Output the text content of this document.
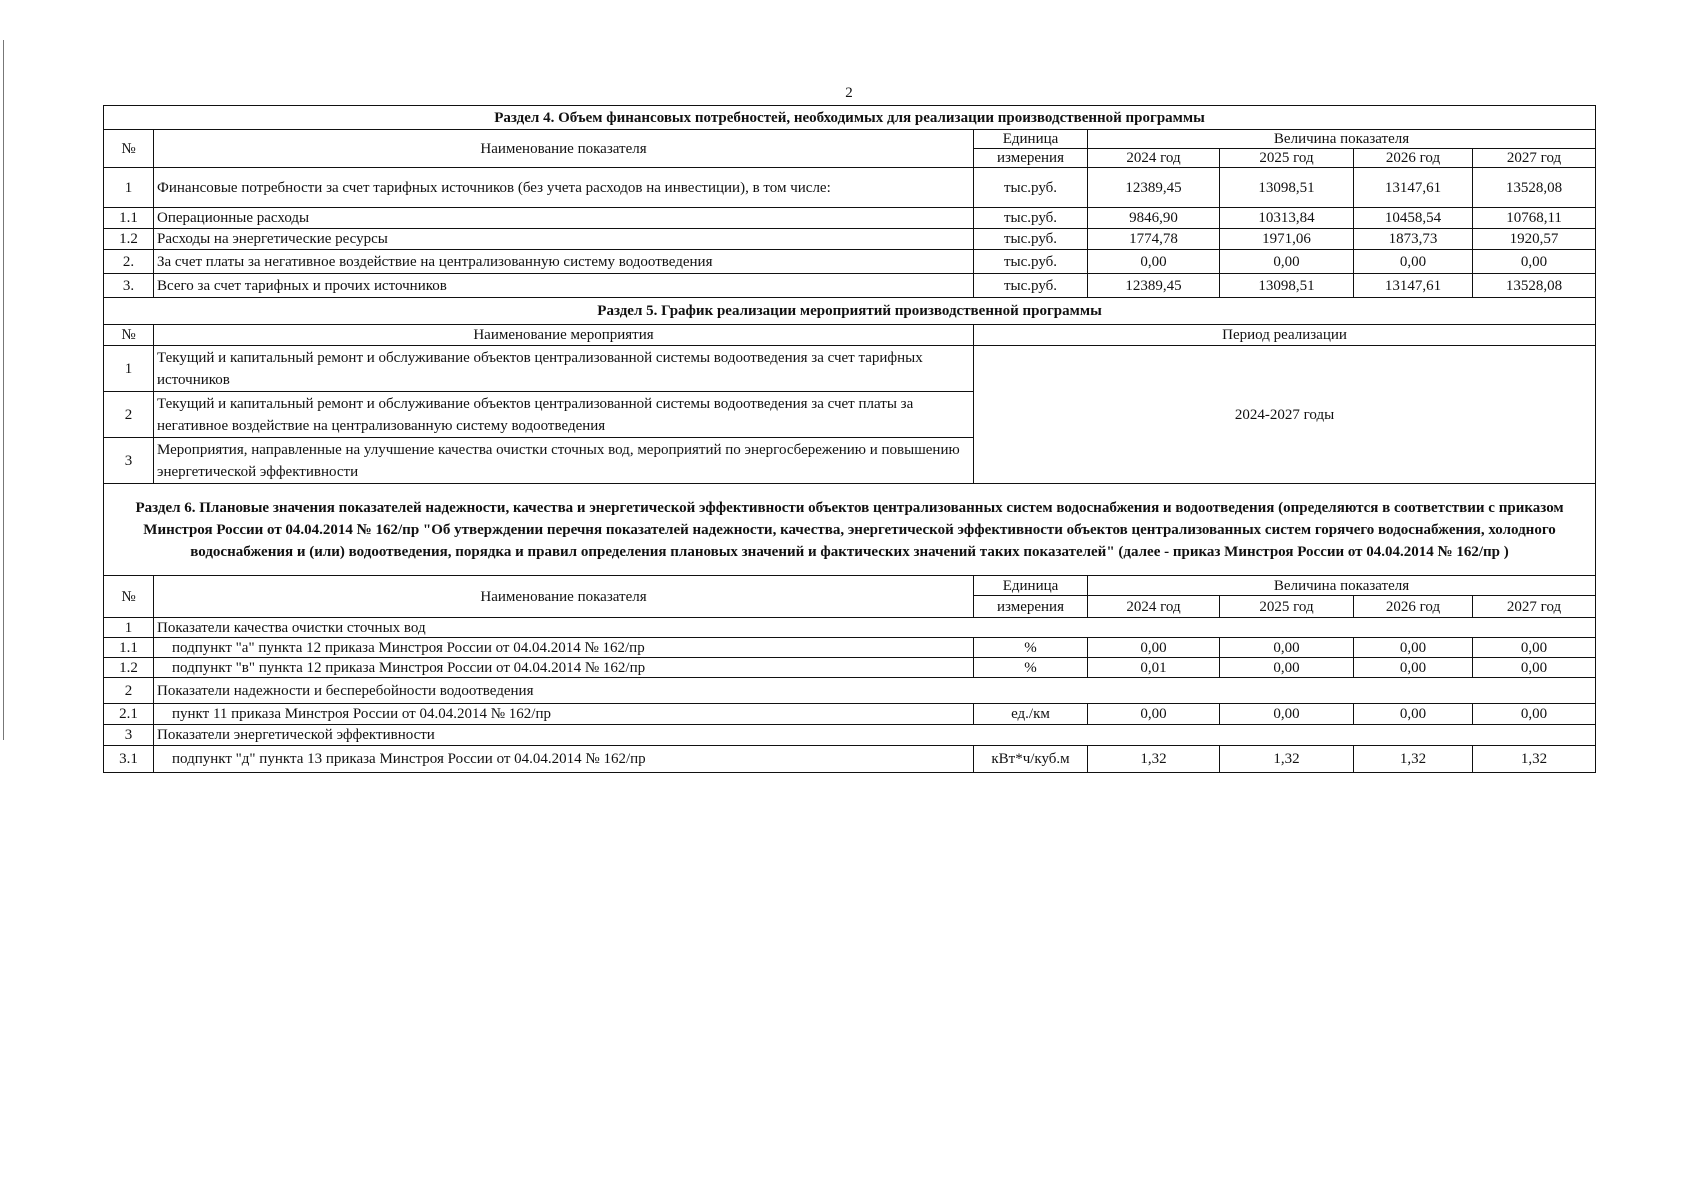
2
Раздел 4. Объем финансовых потребностей, необходимых для реализации производственной программы						
№	Наименование показателя	Единица	Величина показателя			
		измерения	2024 год	2025 год	2026 год	2027 год
1	Финансовые потребности за счет тарифных источников (без учета расходов на инвестиции), в том числе:	тыс.руб.	12389,45	13098,51	13147,61	13528,08
1.1	Операционные расходы	тыс.руб.	9846,90	10313,84	10458,54	10768,11
1.2	Расходы на энергетические ресурсы	тыс.руб.	1774,78	1971,06	1873,73	1920,57
2.	За счет платы за негативное воздействие на централизованную систему водоотведения	тыс.руб.	0,00	0,00	0,00	0,00
3.	Всего за счет тарифных и прочих источников	тыс.руб.	12389,45	13098,51	13147,61	13528,08
Раздел 5. График реализации мероприятий производственной программы						
№	Наименование мероприятия	Период реализации				
1	Текущий и капитальный ремонт и обслуживание объектов централизованной системы водоотведения за счет тарифных источников	2024-2027 годы				
2	Текущий и капитальный ремонт и обслуживание объектов централизованной системы водоотведения за счет платы за негативное воздействие на централизованную систему водоотведения					
3	Мероприятия, направленные на улучшение качества очистки сточных вод, мероприятий по энергосбережению и повышению энергетической эффективности					
Раздел 6. Плановые значения показателей надежности, качества и энергетической эффективности объектов централизованных систем водоснабжения и водоотведения (определяются в соответствии с приказом Минстроя России от 04.04.2014 № 162/пр "Об утверждении перечня показателей надежности, качества, энергетической эффективности объектов централизованных систем горячего водоснабжения, холодного водоснабжения и (или) водоотведения, порядка и правил определения плановых значений и фактических значений таких показателей" (далее - приказ Минстроя России от 04.04.2014 № 162/пр )						
№	Наименование показателя	Единица	Величина показателя			
		измерения	2024 год	2025 год	2026 год	2027 год
1	Показатели качества очистки сточных вод					
1.1	подпункт "а" пункта 12 приказа Минстроя России от 04.04.2014 № 162/пр	%	0,00	0,00	0,00	0,00
1.2	подпункт "в" пункта 12 приказа Минстроя России от 04.04.2014 № 162/пр	%	0,01	0,00	0,00	0,00
2	Показатели надежности и бесперебойности водоотведения					
2.1	пункт 11 приказа Минстроя России от 04.04.2014 № 162/пр	ед./км	0,00	0,00	0,00	0,00
3	Показатели энергетической эффективности					
3.1	подпункт "д" пункта 13 приказа Минстроя России от 04.04.2014 № 162/пр	кВт*ч/куб.м	1,32	1,32	1,32	1,32
